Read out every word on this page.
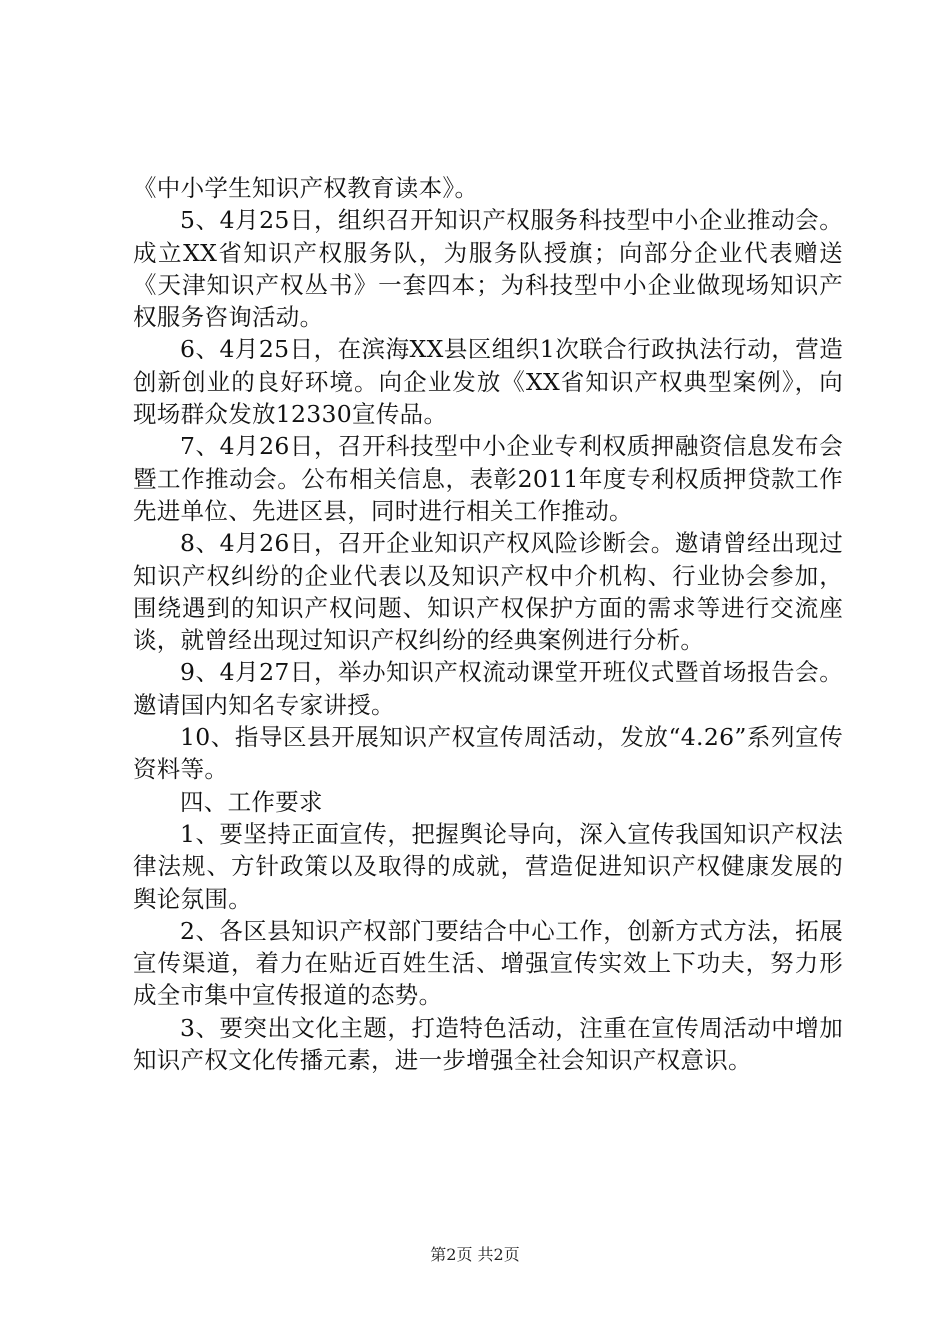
《中小学生知识产权教育读本》。

5、4月25日，组织召开知识产权服务科技型中小企业推动会。成立XX省知识产权服务队，为服务队授旗；向部分企业代表赠送《天津知识产权丛书》一套四本；为科技型中小企业做现场知识产权服务咨询活动。

6、4月25日，在滨海XX县区组织1次联合行政执法行动，营造创新创业的良好环境。向企业发放《XX省知识产权典型案例》，向现场群众发放12330宣传品。

7、4月26日，召开科技型中小企业专利权质押融资信息发布会暨工作推动会。公布相关信息，表彰2011年度专利权质押贷款工作先进单位、先进区县，同时进行相关工作推动。

8、4月26日，召开企业知识产权风险诊断会。邀请曾经出现过知识产权纠纷的企业代表以及知识产权中介机构、行业协会参加，围绕遇到的知识产权问题、知识产权保护方面的需求等进行交流座谈，就曾经出现过知识产权纠纷的经典案例进行分析。

9、4月27日，举办知识产权流动课堂开班仪式暨首场报告会。邀请国内知名专家讲授。

10、指导区县开展知识产权宣传周活动，发放“4.26”系列宣传资料等。

四、工作要求

1、要坚持正面宣传，把握舆论导向，深入宣传我国知识产权法律法规、方针政策以及取得的成就，营造促进知识产权健康发展的舆论氛围。

2、各区县知识产权部门要结合中心工作，创新方式方法，拓展宣传渠道，着力在贴近百姓生活、增强宣传实效上下功夫，努力形成全市集中宣传报道的态势。

3、要突出文化主题，打造特色活动，注重在宣传周活动中增加知识产权文化传播元素，进一步增强全社会知识产权意识。

第2页 共2页
